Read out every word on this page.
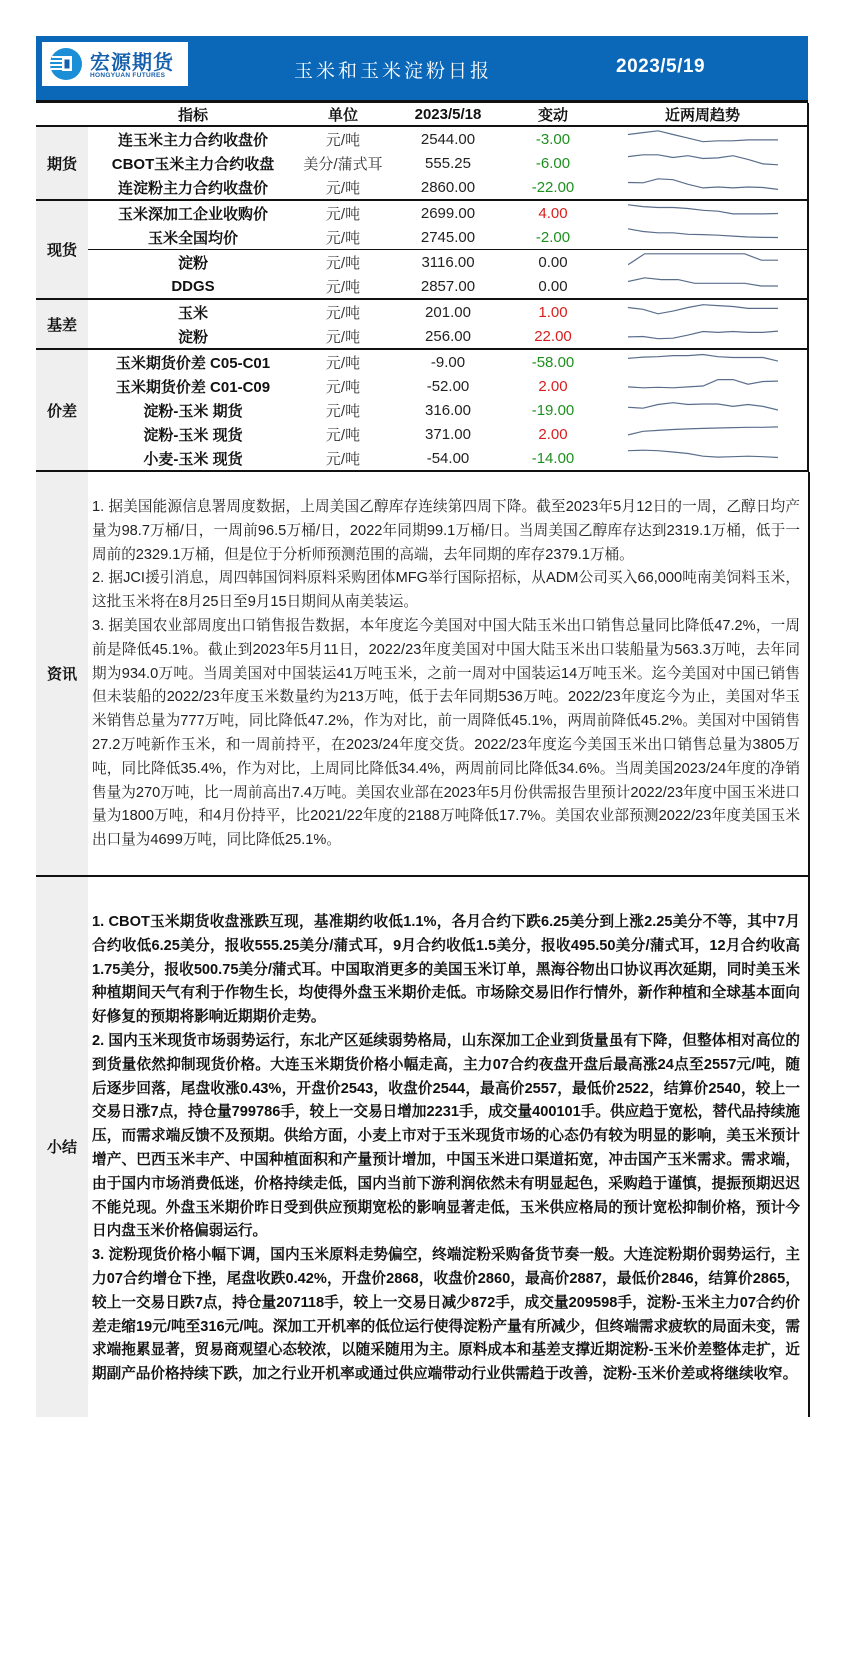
宏源期货
HONGYUAN FUTURES	玉米和玉米淀粉日报	2023/5/19
	指标	单位	2023/5/18	变动	近两周趋势
期货	连玉米主力合约收盘价	元/吨	2544.00	-3.00	

	CBOT玉米主力合约收盘	美分/蒲式耳	555.25	-6.00	

	连淀粉主力合约收盘价	元/吨	2860.00	-22.00	

现货	玉米深加工企业收购价	元/吨	2699.00	4.00	

	玉米全国均价	元/吨	2745.00	-2.00	

	淀粉	元/吨	3116.00	0.00	

	DDGS	元/吨	2857.00	0.00	

基差	玉米	元/吨	201.00	1.00	

	淀粉	元/吨	256.00	22.00	

价差	玉米期货价差 C05-C01	元/吨	-9.00	-58.00	

	玉米期货价差 C01-C09	元/吨	-52.00	2.00	

	淀粉-玉米 期货	元/吨	316.00	-19.00	

	淀粉-玉米 现货	元/吨	371.00	2.00	

	小麦-玉米 现货	元/吨	-54.00	-14.00	
资讯

1. 据美国能源信息署周度数据，上周美国乙醇库存连续第四周下降。截至2023年5月12日的一周，乙醇日均产量为98.7万桶/日，一周前96.5万桶/日，2022年同期99.1万桶/日。当周美国乙醇库存达到2319.1万桶，低于一周前的2329.1万桶，但是位于分析师预测范围的高端，去年同期的库存2379.1万桶。

2. 据JCI援引消息，周四韩国饲料原料采购团体MFG举行国际招标，从ADM公司买入66,000吨南美饲料玉米，这批玉米将在8月25日至9月15日期间从南美装运。

3. 据美国农业部周度出口销售报告数据，本年度迄今美国对中国大陆玉米出口销售总量同比降低47.2%，一周前是降低45.1%。截止到2023年5月11日，2022/23年度美国对中国大陆玉米出口装船量为563.3万吨，去年同期为934.0万吨。当周美国对中国装运41万吨玉米，之前一周对中国装运14万吨玉米。迄今美国对中国已销售但未装船的2022/23年度玉米数量约为213万吨，低于去年同期536万吨。2022/23年度迄今为止，美国对华玉米销售总量为777万吨，同比降低47.2%，作为对比，前一周降低45.1%，两周前降低45.2%。美国对中国销售27.2万吨新作玉米，和一周前持平，在2023/24年度交货。2022/23年度迄今美国玉米出口销售总量为3805万吨，同比降低35.4%，作为对比，上周同比降低34.4%，两周前同比降低34.6%。当周美国2023/24年度的净销售量为270万吨，比一周前高出7.4万吨。美国农业部在2023年5月份供需报告里预计2022/23年度中国玉米进口量为1800万吨，和4月份持平，比2021/22年度的2188万吨降低17.7%。美国农业部预测2022/23年度美国玉米出口量为4699万吨，同比降低25.1%。

小结

1. CBOT玉米期货收盘涨跌互现，基准期约收低1.1%，各月合约下跌6.25美分到上涨2.25美分不等，其中7月合约收低6.25美分，报收555.25美分/蒲式耳，9月合约收低1.5美分，报收495.50美分/蒲式耳，12月合约收高1.75美分，报收500.75美分/蒲式耳。中国取消更多的美国玉米订单，黑海谷物出口协议再次延期，同时美玉米种植期间天气有利于作物生长，均使得外盘玉米期价走低。市场除交易旧作行情外，新作种植和全球基本面向好修复的预期将影响近期期价走势。

2. 国内玉米现货市场弱势运行，东北产区延续弱势格局，山东深加工企业到货量虽有下降，但整体相对高位的到货量依然抑制现货价格。大连玉米期货价格小幅走高，主力07合约夜盘开盘后最高涨24点至2557元/吨，随后逐步回落，尾盘收涨0.43%，开盘价2543，收盘价2544，最高价2557，最低价2522，结算价2540，较上一交易日涨7点，持仓量799786手，较上一交易日增加2231手，成交量400101手。供应趋于宽松，替代品持续施压，而需求端反馈不及预期。供给方面，小麦上市对于玉米现货市场的心态仍有较为明显的影响，美玉米预计增产、巴西玉米丰产、中国种植面积和产量预计增加，中国玉米进口渠道拓宽，冲击国产玉米需求。需求端，由于国内市场消费低迷，价格持续走低，国内当前下游利润依然未有明显起色，采购趋于谨慎，提振预期迟迟不能兑现。外盘玉米期价昨日受到供应预期宽松的影响显著走低，玉米供应格局的预计宽松抑制价格，预计今日内盘玉米价格偏弱运行。

3. 淀粉现货价格小幅下调，国内玉米原料走势偏空，终端淀粉采购备货节奏一般。大连淀粉期价弱势运行，主力07合约增仓下挫，尾盘收跌0.42%，开盘价2868，收盘价2860，最高价2887，最低价2846，结算价2865，较上一交易日跌7点，持仓量207118手，较上一交易日减少872手，成交量209598手，淀粉-玉米主力07合约价差走缩19元/吨至316元/吨。深加工开机率的低位运行使得淀粉产量有所减少，但终端需求疲软的局面未变，需求端拖累显著，贸易商观望心态较浓，以随采随用为主。原料成本和基差支撑近期淀粉-玉米价差整体走扩，近期副产品价格持续下跌，加之行业开机率或通过供应端带动行业供需趋于改善，淀粉-玉米价差或将继续收窄。
